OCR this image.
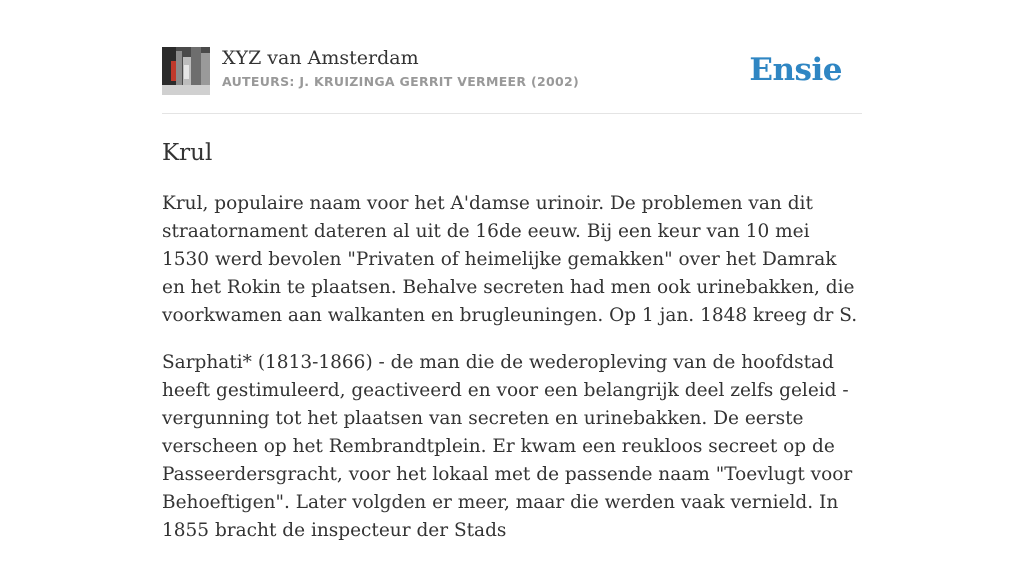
XYZ van Amsterdam
AUTEURS: J. KRUIZINGA GERRIT VERMEER (2002)	Ensie
Krul

Krul, populaire naam voor het A'damse urinoir. De problemen van dit straatornament dateren al uit de 16de eeuw. Bij een keur van 10 mei 1530 werd bevolen "Privaten of heimelijke gemakken" over het Damrak en het Rokin te plaatsen. Behalve secreten had men ook urinebakken, die voorkwamen aan walkanten en brugleuningen. Op 1 jan. 1848 kreeg dr S.

Sarphati* (1813-1866) - de man die de wederopleving van de hoofdstad heeft gestimuleerd, geactiveerd en voor een belangrijk deel zelfs geleid - vergunning tot het plaatsen van secreten en urinebakken. De eerste verscheen op het Rembrandtplein. Er kwam een reukloos secreet op de Passeerdersgracht, voor het lokaal met de passende naam "Toevlugt voor Behoeftigen". Later volgden er meer, maar die werden vaak vernield. In 1855 bracht de inspecteur der Stads
